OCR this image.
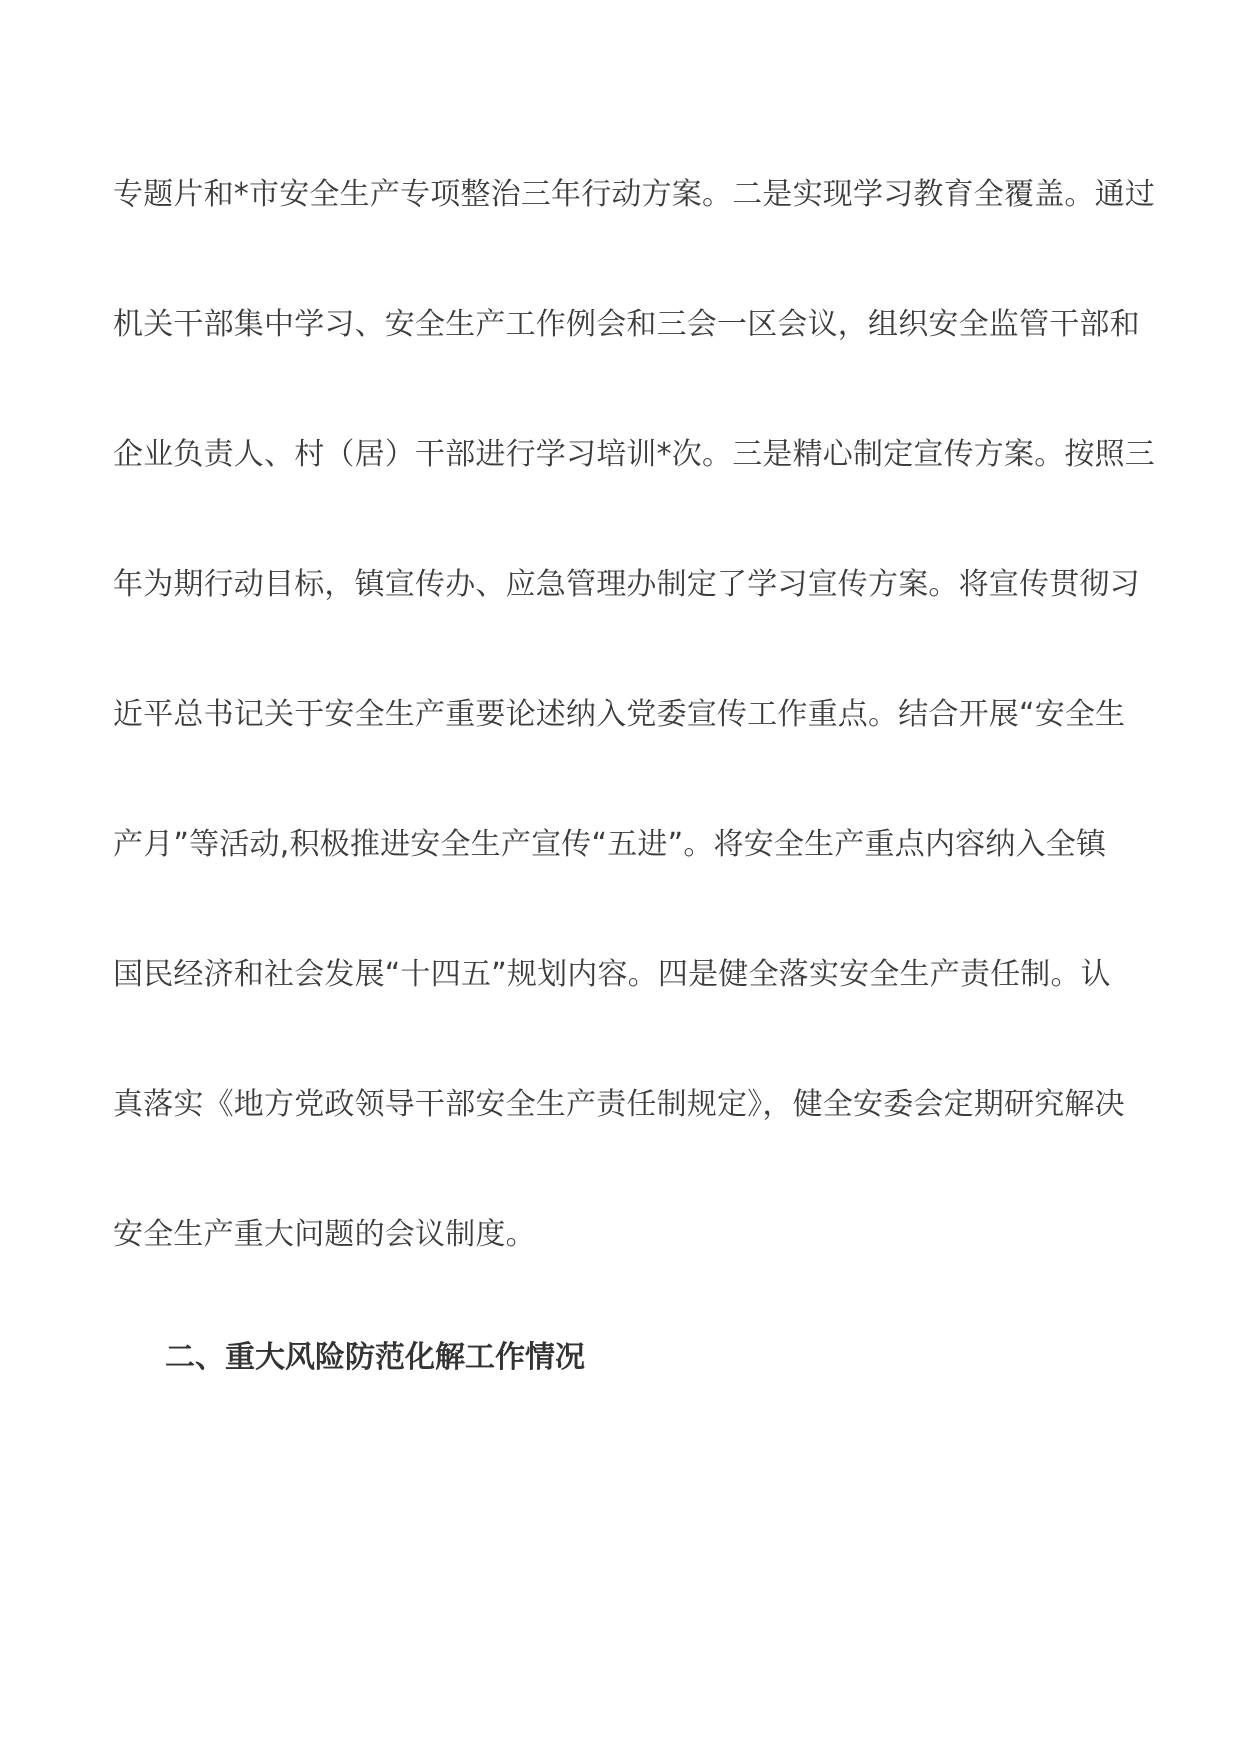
专题片和*市安全生产专项整治三年行动方案。二是实现学习教育全覆盖。通过
机关干部集中学习、安全生产工作例会和三会一区会议，组织安全监管干部和
企业负责人、村（居）干部进行学习培训*次。三是精心制定宣传方案。按照三
年为期行动目标，镇宣传办、应急管理办制定了学习宣传方案。将宣传贯彻习
近平总书记关于安全生产重要论述纳入党委宣传工作重点。结合开展“安全生
产月”等活动,积极推进安全生产宣传“五进”。将安全生产重点内容纳入全镇
国民经济和社会发展“十四五”规划内容。四是健全落实安全生产责任制。认
真落实《地方党政领导干部安全生产责任制规定》，健全安委会定期研究解决
安全生产重大问题的会议制度。
二、重大风险防范化解工作情况
